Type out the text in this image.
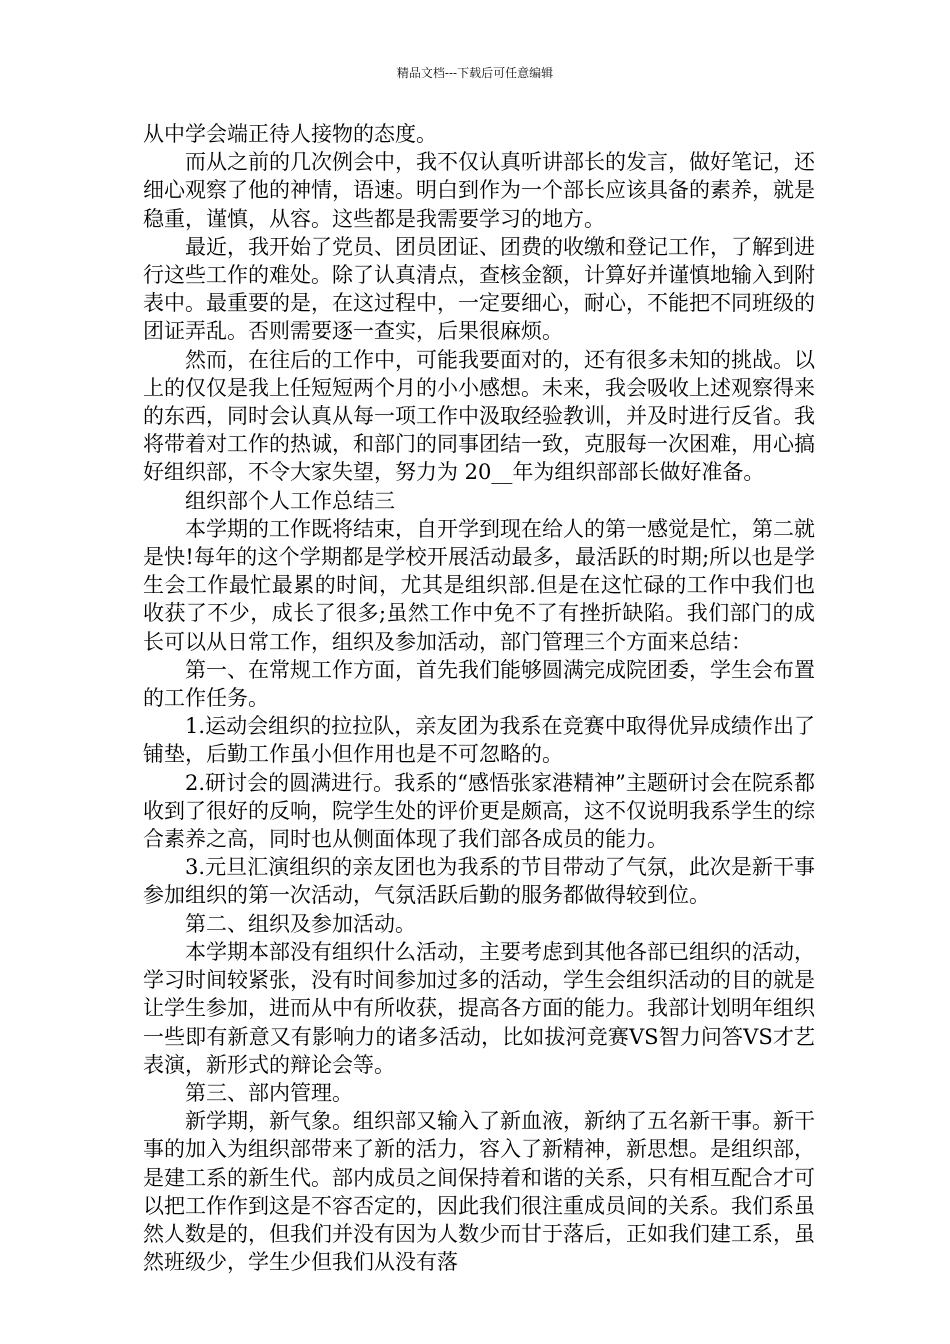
精品文档---下载后可任意编辑

从中学会端正待人接物的态度。

而从之前的几次例会中，我不仅认真听讲部长的发言，做好笔记，还细心观察了他的神情，语速。明白到作为一个部长应该具备的素养，就是稳重，谨慎，从容。这些都是我需要学习的地方。

最近，我开始了党员、团员团证、团费的收缴和登记工作，了解到进行这些工作的难处。除了认真清点，查核金额，计算好并谨慎地输入到附表中。最重要的是，在这过程中，一定要细心，耐心，不能把不同班级的团证弄乱。否则需要逐一查实，后果很麻烦。

然而，在往后的工作中，可能我要面对的，还有很多未知的挑战。以上的仅仅是我上任短短两个月的小小感想。未来，我会吸收上述观察得来的东西，同时会认真从每一项工作中汲取经验教训，并及时进行反省。我将带着对工作的热诚，和部门的同事团结一致，克服每一次困难，用心搞好组织部，不令大家失望，努力为 20__年为组织部部长做好准备。

组织部个人工作总结三

本学期的工作既将结束，自开学到现在给人的第一感觉是忙，第二就是快!每年的这个学期都是学校开展活动最多，最活跃的时期;所以也是学生会工作最忙最累的时间，尤其是组织部.但是在这忙碌的工作中我们也收获了不少，成长了很多;虽然工作中免不了有挫折缺陷。我们部门的成长可以从日常工作，组织及参加活动，部门管理三个方面来总结：

第一、在常规工作方面，首先我们能够圆满完成院团委，学生会布置的工作任务。

1.运动会组织的拉拉队，亲友团为我系在竞赛中取得优异成绩作出了铺垫，后勤工作虽小但作用也是不可忽略的。

2.研讨会的圆满进行。我系的“感悟张家港精神”主题研讨会在院系都收到了很好的反响，院学生处的评价更是颇高，这不仅说明我系学生的综合素养之高，同时也从侧面体现了我们部各成员的能力。

3.元旦汇演组织的亲友团也为我系的节目带动了气氛，此次是新干事参加组织的第一次活动，气氛活跃后勤的服务都做得较到位。

第二、组织及参加活动。

本学期本部没有组织什么活动，主要考虑到其他各部已组织的活动，学习时间较紧张，没有时间参加过多的活动，学生会组织活动的目的就是让学生参加，进而从中有所收获，提高各方面的能力。我部计划明年组织一些即有新意又有影响力的诸多活动，比如拔河竞赛VS智力问答VS才艺表演，新形式的辩论会等。

第三、部内管理。

新学期，新气象。组织部又输入了新血液，新纳了五名新干事。新干事的加入为组织部带来了新的活力，容入了新精神，新思想。是组织部，是建工系的新生代。部内成员之间保持着和谐的关系，只有相互配合才可以把工作作到这是不容否定的，因此我们很注重成员间的关系。我们系虽然人数是的，但我们并没有因为人数少而甘于落后，正如我们建工系，虽然班级少，学生少但我们从没有落
